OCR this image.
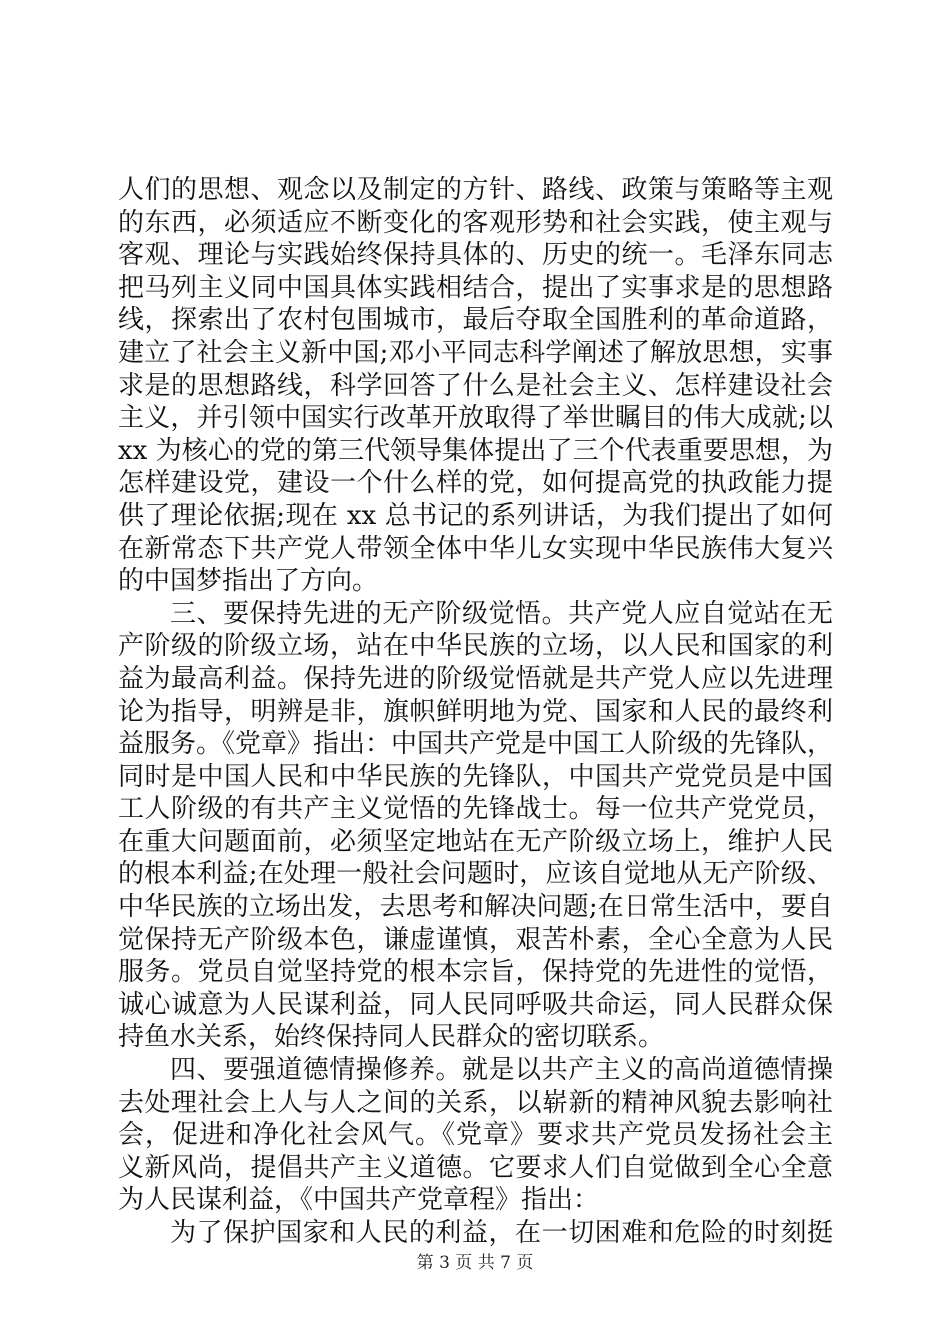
人们的思想、观念以及制定的方针、路线、政策与策略等主观
的东西，必须适应不断变化的客观形势和社会实践，使主观与
客观、理论与实践始终保持具体的、历史的统一。毛泽东同志
把马列主义同中国具体实践相结合，提出了实事求是的思想路
线，探索出了农村包围城市，最后夺取全国胜利的革命道路，
建立了社会主义新中国;邓小平同志科学阐述了解放思想，实事
求是的思想路线，科学回答了什么是社会主义、怎样建设社会
主义，并引领中国实行改革开放取得了举世瞩目的伟大成就;以
xx 为核心的党的第三代领导集体提出了三个代表重要思想，为
怎样建设党，建设一个什么样的党，如何提高党的执政能力提
供了理论依据;现在 xx 总书记的系列讲话，为我们提出了如何
在新常态下共产党人带领全体中华儿女实现中华民族伟大复兴
的中国梦指出了方向。
三、要保持先进的无产阶级觉悟。共产党人应自觉站在无
产阶级的阶级立场，站在中华民族的立场，以人民和国家的利
益为最高利益。保持先进的阶级觉悟就是共产党人应以先进理
论为指导，明辨是非，旗帜鲜明地为党、国家和人民的最终利
益服务。《党章》指出：中国共产党是中国工人阶级的先锋队，
同时是中国人民和中华民族的先锋队，中国共产党党员是中国
工人阶级的有共产主义觉悟的先锋战士。每一位共产党党员，
在重大问题面前，必须坚定地站在无产阶级立场上，维护人民
的根本利益;在处理一般社会问题时，应该自觉地从无产阶级、
中华民族的立场出发，去思考和解决问题;在日常生活中，要自
觉保持无产阶级本色，谦虚谨慎，艰苦朴素，全心全意为人民
服务。党员自觉坚持党的根本宗旨，保持党的先进性的觉悟，
诚心诚意为人民谋利益，同人民同呼吸共命运，同人民群众保
持鱼水关系，始终保持同人民群众的密切联系。
四、要强道德情操修养。就是以共产主义的高尚道德情操
去处理社会上人与人之间的关系，以崭新的精神风貌去影响社
会，促进和净化社会风气。《党章》要求共产党员发扬社会主
义新风尚，提倡共产主义道德。它要求人们自觉做到全心全意
为人民谋利益，《中国共产党章程》指出：
为了保护国家和人民的利益，在一切困难和危险的时刻挺
第 3 页 共 7 页
